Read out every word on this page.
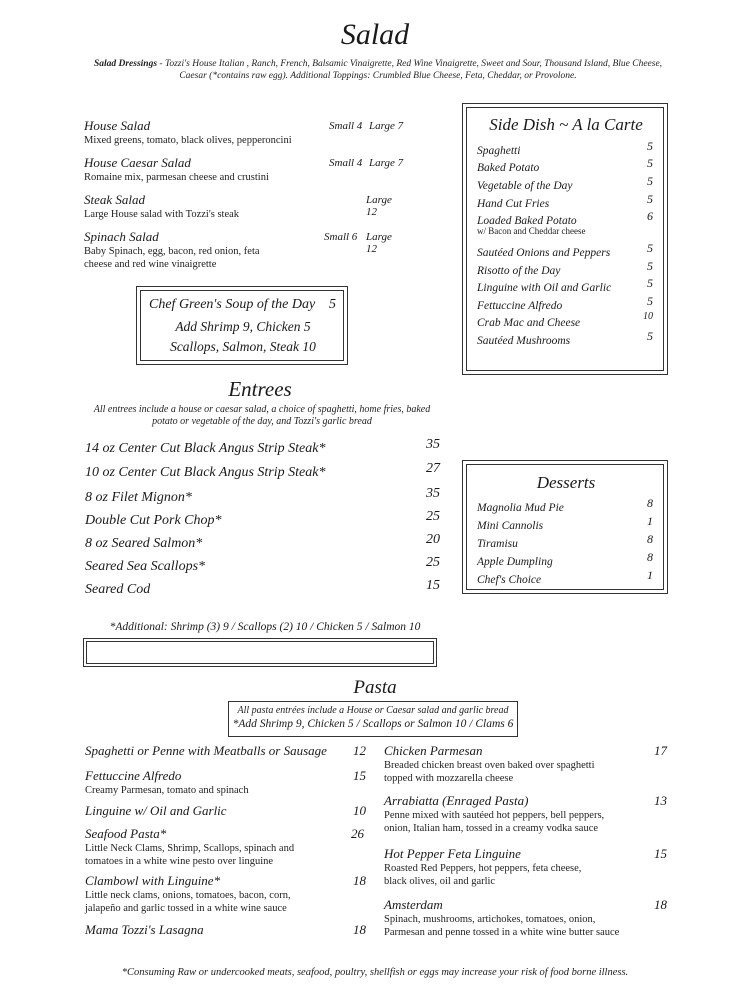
Salad
Salad Dressings - Tozzi's House Italian , Ranch, French, Balsamic Vinaigrette, Red Wine Vinaigrette, Sweet and Sour, Thousand Island, Blue Cheese, Caesar (*contains raw egg). Additional Toppings: Crumbled Blue Cheese, Feta, Cheddar, or Provolone.
House Salad
Mixed greens, tomato, black olives, pepperoncini
Small 4 Large 7
House Caesar Salad
Romaine mix, parmesan cheese and crustini
Small 4 Large 7
Steak Salad
Large House salad with Tozzi's steak
Large 12
Spinach Salad
Baby Spinach, egg, bacon, red onion, feta cheese and red wine vinaigrette
Small 6 Large 12
Chef Green's Soup of the Day 5
Add Shrimp 9, Chicken 5
Scallops, Salmon, Steak 10
Side Dish ~ A la Carte
Spaghetti	5
Baked Potato	5
Vegetable of the Day	5
Hand Cut Fries	5
Loaded Baked Potato	6
w/ Bacon and Cheddar cheese
Sautéed Onions and Peppers	5
Risotto of the Day	5
Linguine with Oil and Garlic	5
Fettuccine Alfredo	5
Crab Mac and Cheese
10
Sautéed Mushrooms	5
Entrees
All entrees include a house or caesar salad, a choice of spaghetti, home fries, baked potato or vegetable of the day, and Tozzi's garlic bread
14 oz Center Cut Black Angus Strip Steak*	35
10 oz Center Cut Black Angus Strip Steak*	27
8 oz Filet Mignon*	35
Double Cut Pork Chop*	25
8 oz Seared Salmon*	20
Seared Sea Scallops*	25
Seared Cod	15
*Additional: Shrimp (3) 9 / Scallops (2) 10 / Chicken 5 / Salmon 10
Desserts
Magnolia Mud Pie	8
Mini Cannolis	1
Tiramisu	8
Apple Dumpling	8
Chef's Choice	1
Pasta
All pasta entrées include a House or Caesar salad and garlic bread
*Add Shrimp 9, Chicken 5 / Scallops or Salmon 10 / Clams 6
Spaghetti or Penne with Meatballs or Sausage	12
Fettuccine Alfredo	15
Creamy Parmesan, tomato and spinach
Linguine w/ Oil and Garlic	10
Seafood Pasta*	26
Little Neck Clams, Shrimp, Scallops, spinach and tomatoes in a white wine pesto over linguine
Clambowl with Linguine*	18
Little neck clams, onions, tomatoes, bacon, corn, jalapeño and garlic tossed in a white wine sauce
Mama Tozzi's Lasagna	18
Chicken Parmesan	17
Breaded chicken breast oven baked over spaghetti topped with mozzarella cheese
Arrabiatta (Enraged Pasta)	13
Penne mixed with sautéed hot peppers, bell peppers, onion, Italian ham, tossed in a creamy vodka sauce
Hot Pepper Feta Linguine	15
Roasted Red Peppers, hot peppers, feta cheese, black olives, oil and garlic
Amsterdam	18
Spinach, mushrooms, artichokes, tomatoes, onion, Parmesan and penne tossed in a white wine butter sauce
*Consuming Raw or undercooked meats, seafood, poultry, shellfish or eggs may increase your risk of food borne illness.
